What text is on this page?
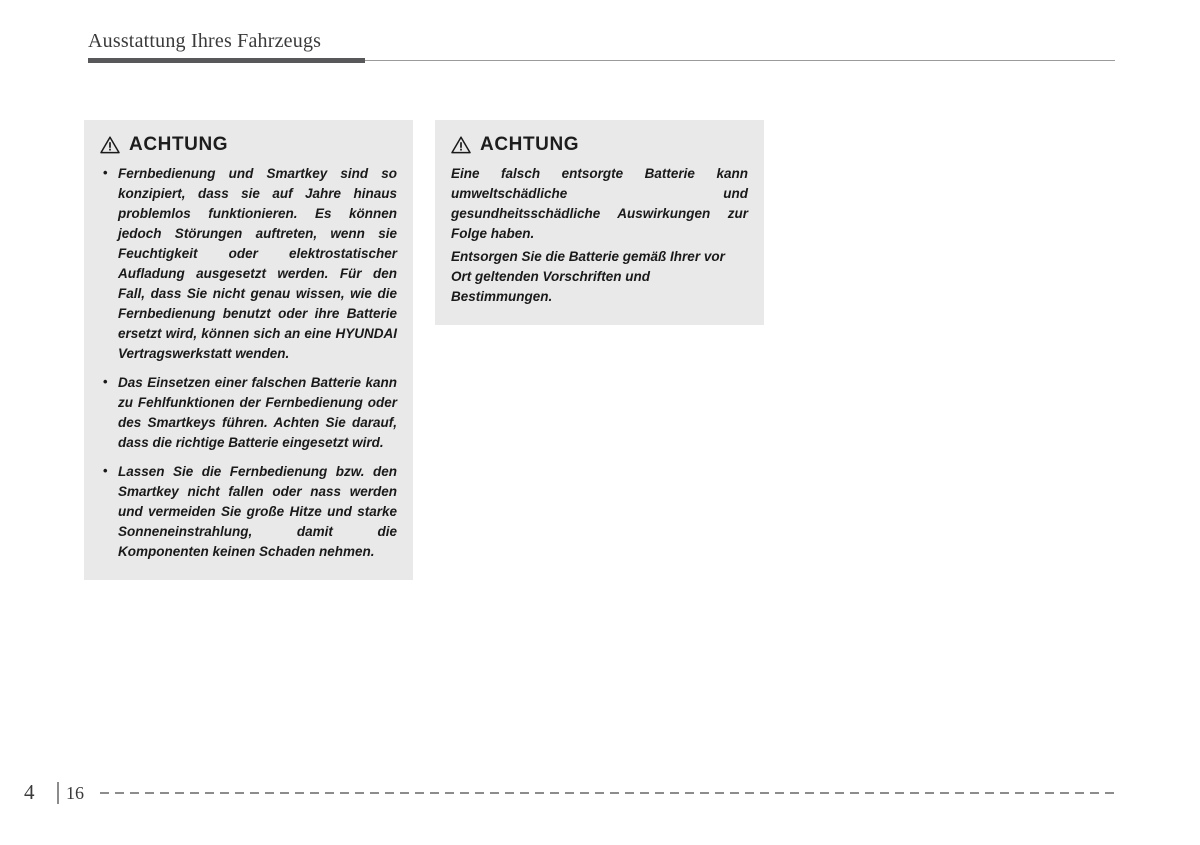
Ausstattung Ihres Fahrzeugs
ACHTUNG
• Fernbedienung und Smartkey sind so konzipiert, dass sie auf Jahre hinaus problemlos funktionieren. Es können jedoch Störungen auftreten, wenn sie Feuchtigkeit oder elektrostatischer Aufladung ausgesetzt werden. Für den Fall, dass Sie nicht genau wissen, wie die Fernbedienung benutzt oder ihre Batterie ersetzt wird, können sich an eine HYUNDAI Vertragswerkstatt wenden.
• Das Einsetzen einer falschen Batterie kann zu Fehlfunktionen der Fernbedienung oder des Smartkeys führen. Achten Sie darauf, dass die richtige Batterie eingesetzt wird.
• Lassen Sie die Fernbedienung bzw. den Smartkey nicht fallen oder nass werden und vermeiden Sie große Hitze und starke Sonneneinstrahlung, damit die Komponenten keinen Schaden nehmen.
ACHTUNG

Eine falsch entsorgte Batterie kann umweltschädliche und gesundheitsschädliche Auswirkungen zur Folge haben.

Entsorgen Sie die Batterie gemäß Ihrer vor Ort geltenden Vorschriften und Bestimmungen.

4 16
